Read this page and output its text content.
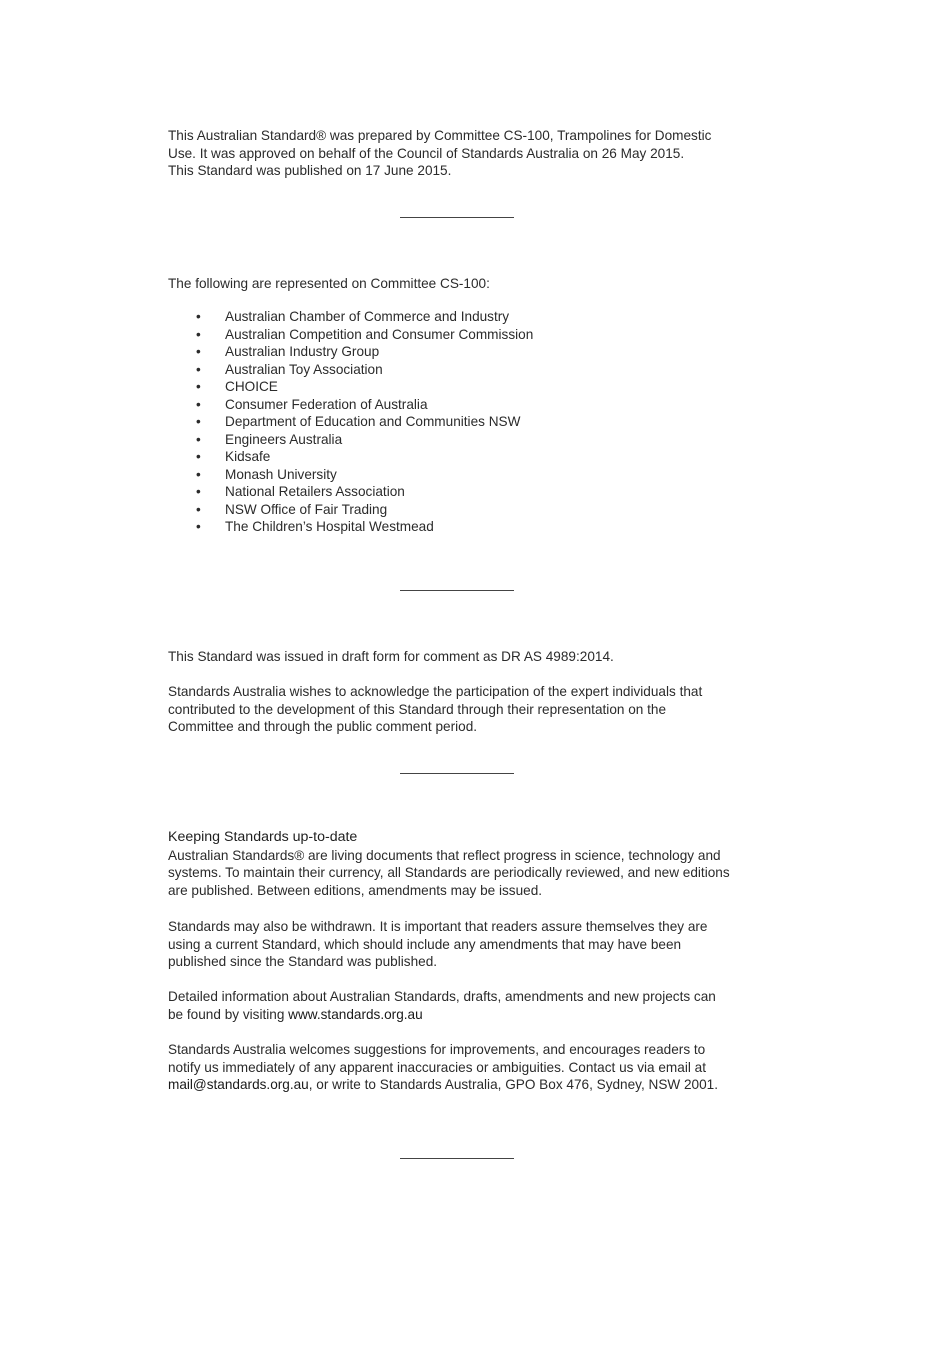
This Australian Standard® was prepared by Committee CS-100, Trampolines for Domestic

Use. It was approved on behalf of the Council of Standards Australia on 26 May 2015.

This Standard was published on 17 June 2015.

The following are represented on Committee CS-100:

•	Australian Chamber of Commerce and Industry
•	Australian Competition and Consumer Commission
•	Australian Industry Group
•	Australian Toy Association
•	CHOICE
•	Consumer Federation of Australia
•	Department of Education and Communities NSW
•	Engineers Australia
•	Kidsafe
•	Monash University
•	National Retailers Association
•	NSW Office of Fair Trading
•	The Children’s Hospital Westmead

This Standard was issued in draft form for comment as DR AS 4989:2014.

Standards Australia wishes to acknowledge the participation of the expert individuals that

contributed to the development of this Standard through their representation on the

Committee and through the public comment period.

Keeping Standards up-to-date

Australian Standards® are living documents that reflect progress in science, technology and

systems. To maintain their currency, all Standards are periodically reviewed, and new editions

are published. Between editions, amendments may be issued.

Standards may also be withdrawn. It is important that readers assure themselves they are

using a current Standard, which should include any amendments that may have been

published since the Standard was published.

Detailed information about Australian Standards, drafts, amendments and new projects can

be found by visiting www.standards.org.au

Standards Australia welcomes suggestions for improvements, and encourages readers to

notify us immediately of any apparent inaccuracies or ambiguities. Contact us via email at

mail@standards.org.au, or write to Standards Australia, GPO Box 476, Sydney, NSW 2001.
